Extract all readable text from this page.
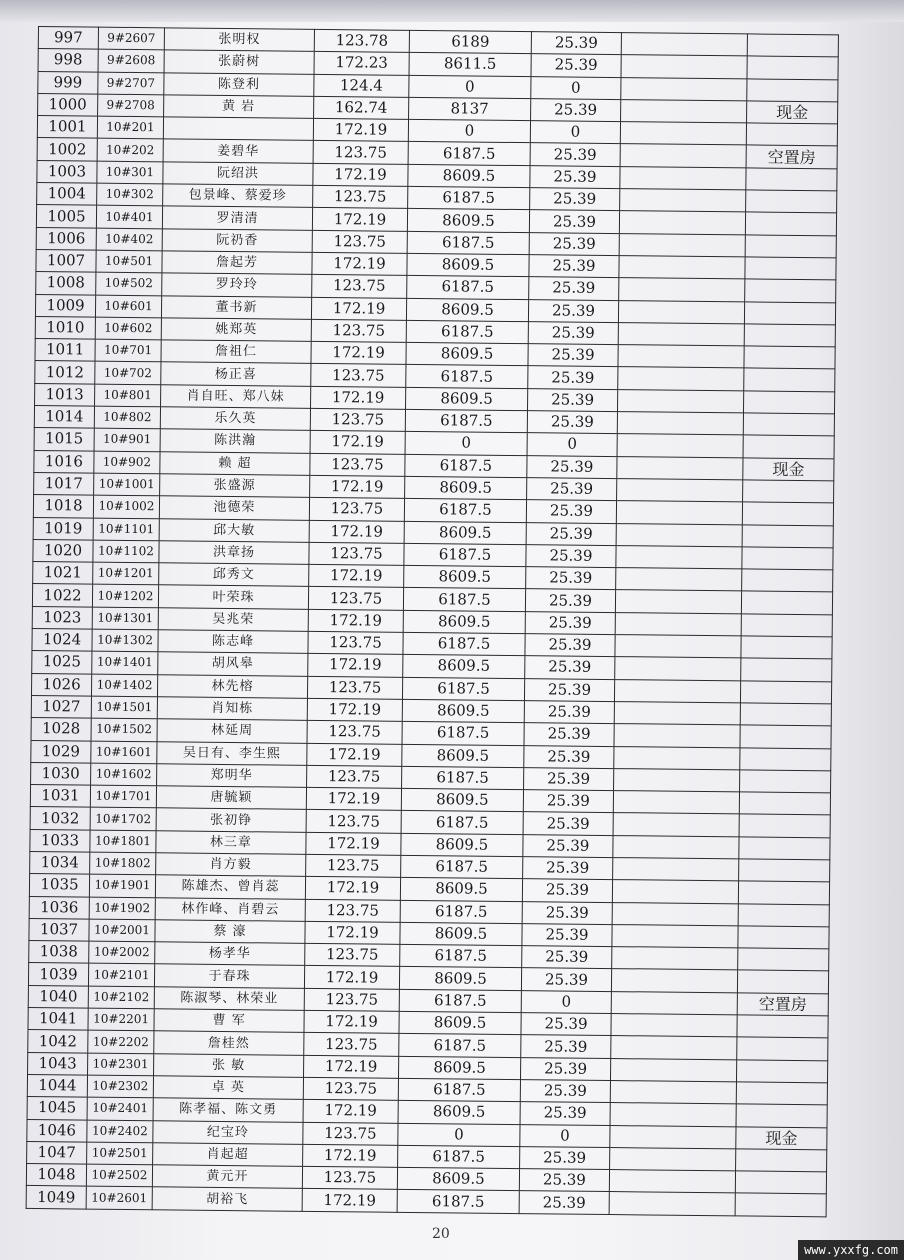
997	9#2607	张明权	123.78	6189	25.39		
998	9#2608	张蔚树	172.23	8611.5	25.39		
999	9#2707	陈登利	124.4	0	0		
1000	9#2708	黄 岩	162.74	8137	25.39		现金
1001	10#201		172.19	0	0		
1002	10#202	姜碧华	123.75	6187.5	25.39		空置房
1003	10#301	阮绍洪	172.19	8609.5	25.39		
1004	10#302	包景峰、蔡爱珍	123.75	6187.5	25.39		
1005	10#401	罗清清	172.19	8609.5	25.39		
1006	10#402	阮礽香	123.75	6187.5	25.39		
1007	10#501	詹起芳	172.19	8609.5	25.39		
1008	10#502	罗玲玲	123.75	6187.5	25.39		
1009	10#601	董书新	172.19	8609.5	25.39		
1010	10#602	姚郑英	123.75	6187.5	25.39		
1011	10#701	詹祖仁	172.19	8609.5	25.39		
1012	10#702	杨正喜	123.75	6187.5	25.39		
1013	10#801	肖自旺、郑八妹	172.19	8609.5	25.39		
1014	10#802	乐久英	123.75	6187.5	25.39		
1015	10#901	陈洪瀚	172.19	0	0		
1016	10#902	赖 超	123.75	6187.5	25.39		现金
1017	10#1001	张盛源	172.19	8609.5	25.39		
1018	10#1002	池德荣	123.75	6187.5	25.39		
1019	10#1101	邱大敏	172.19	8609.5	25.39		
1020	10#1102	洪章扬	123.75	6187.5	25.39		
1021	10#1201	邱秀文	172.19	8609.5	25.39		
1022	10#1202	叶荣珠	123.75	6187.5	25.39		
1023	10#1301	吴兆荣	172.19	8609.5	25.39		
1024	10#1302	陈志峰	123.75	6187.5	25.39		
1025	10#1401	胡风皋	172.19	8609.5	25.39		
1026	10#1402	林先榕	123.75	6187.5	25.39		
1027	10#1501	肖知栋	172.19	8609.5	25.39		
1028	10#1502	林延周	123.75	6187.5	25.39		
1029	10#1601	吴日有、李生熙	172.19	8609.5	25.39		
1030	10#1602	郑明华	123.75	6187.5	25.39		
1031	10#1701	唐毓颖	172.19	8609.5	25.39		
1032	10#1702	张初铮	123.75	6187.5	25.39		
1033	10#1801	林三章	172.19	8609.5	25.39		
1034	10#1802	肖方毅	123.75	6187.5	25.39		
1035	10#1901	陈雄杰、曾肖蕊	172.19	8609.5	25.39		
1036	10#1902	林作峰、肖碧云	123.75	6187.5	25.39		
1037	10#2001	蔡 濠	172.19	8609.5	25.39		
1038	10#2002	杨孝华	123.75	6187.5	25.39		
1039	10#2101	于春珠	172.19	8609.5	25.39		
1040	10#2102	陈淑琴、林荣业	123.75	6187.5	0		空置房
1041	10#2201	曹 军	172.19	8609.5	25.39		
1042	10#2202	詹桂然	123.75	6187.5	25.39		
1043	10#2301	张 敏	172.19	8609.5	25.39		
1044	10#2302	卓 英	123.75	6187.5	25.39		
1045	10#2401	陈孝福、陈文勇	172.19	8609.5	25.39		
1046	10#2402	纪宝玲	123.75	0	0		现金
1047	10#2501	肖起超	172.19	6187.5	25.39		
1048	10#2502	黄元开	123.75	8609.5	25.39		
1049	10#2601	胡裕飞	172.19	6187.5	25.39		
20
www.yxxfg.com
